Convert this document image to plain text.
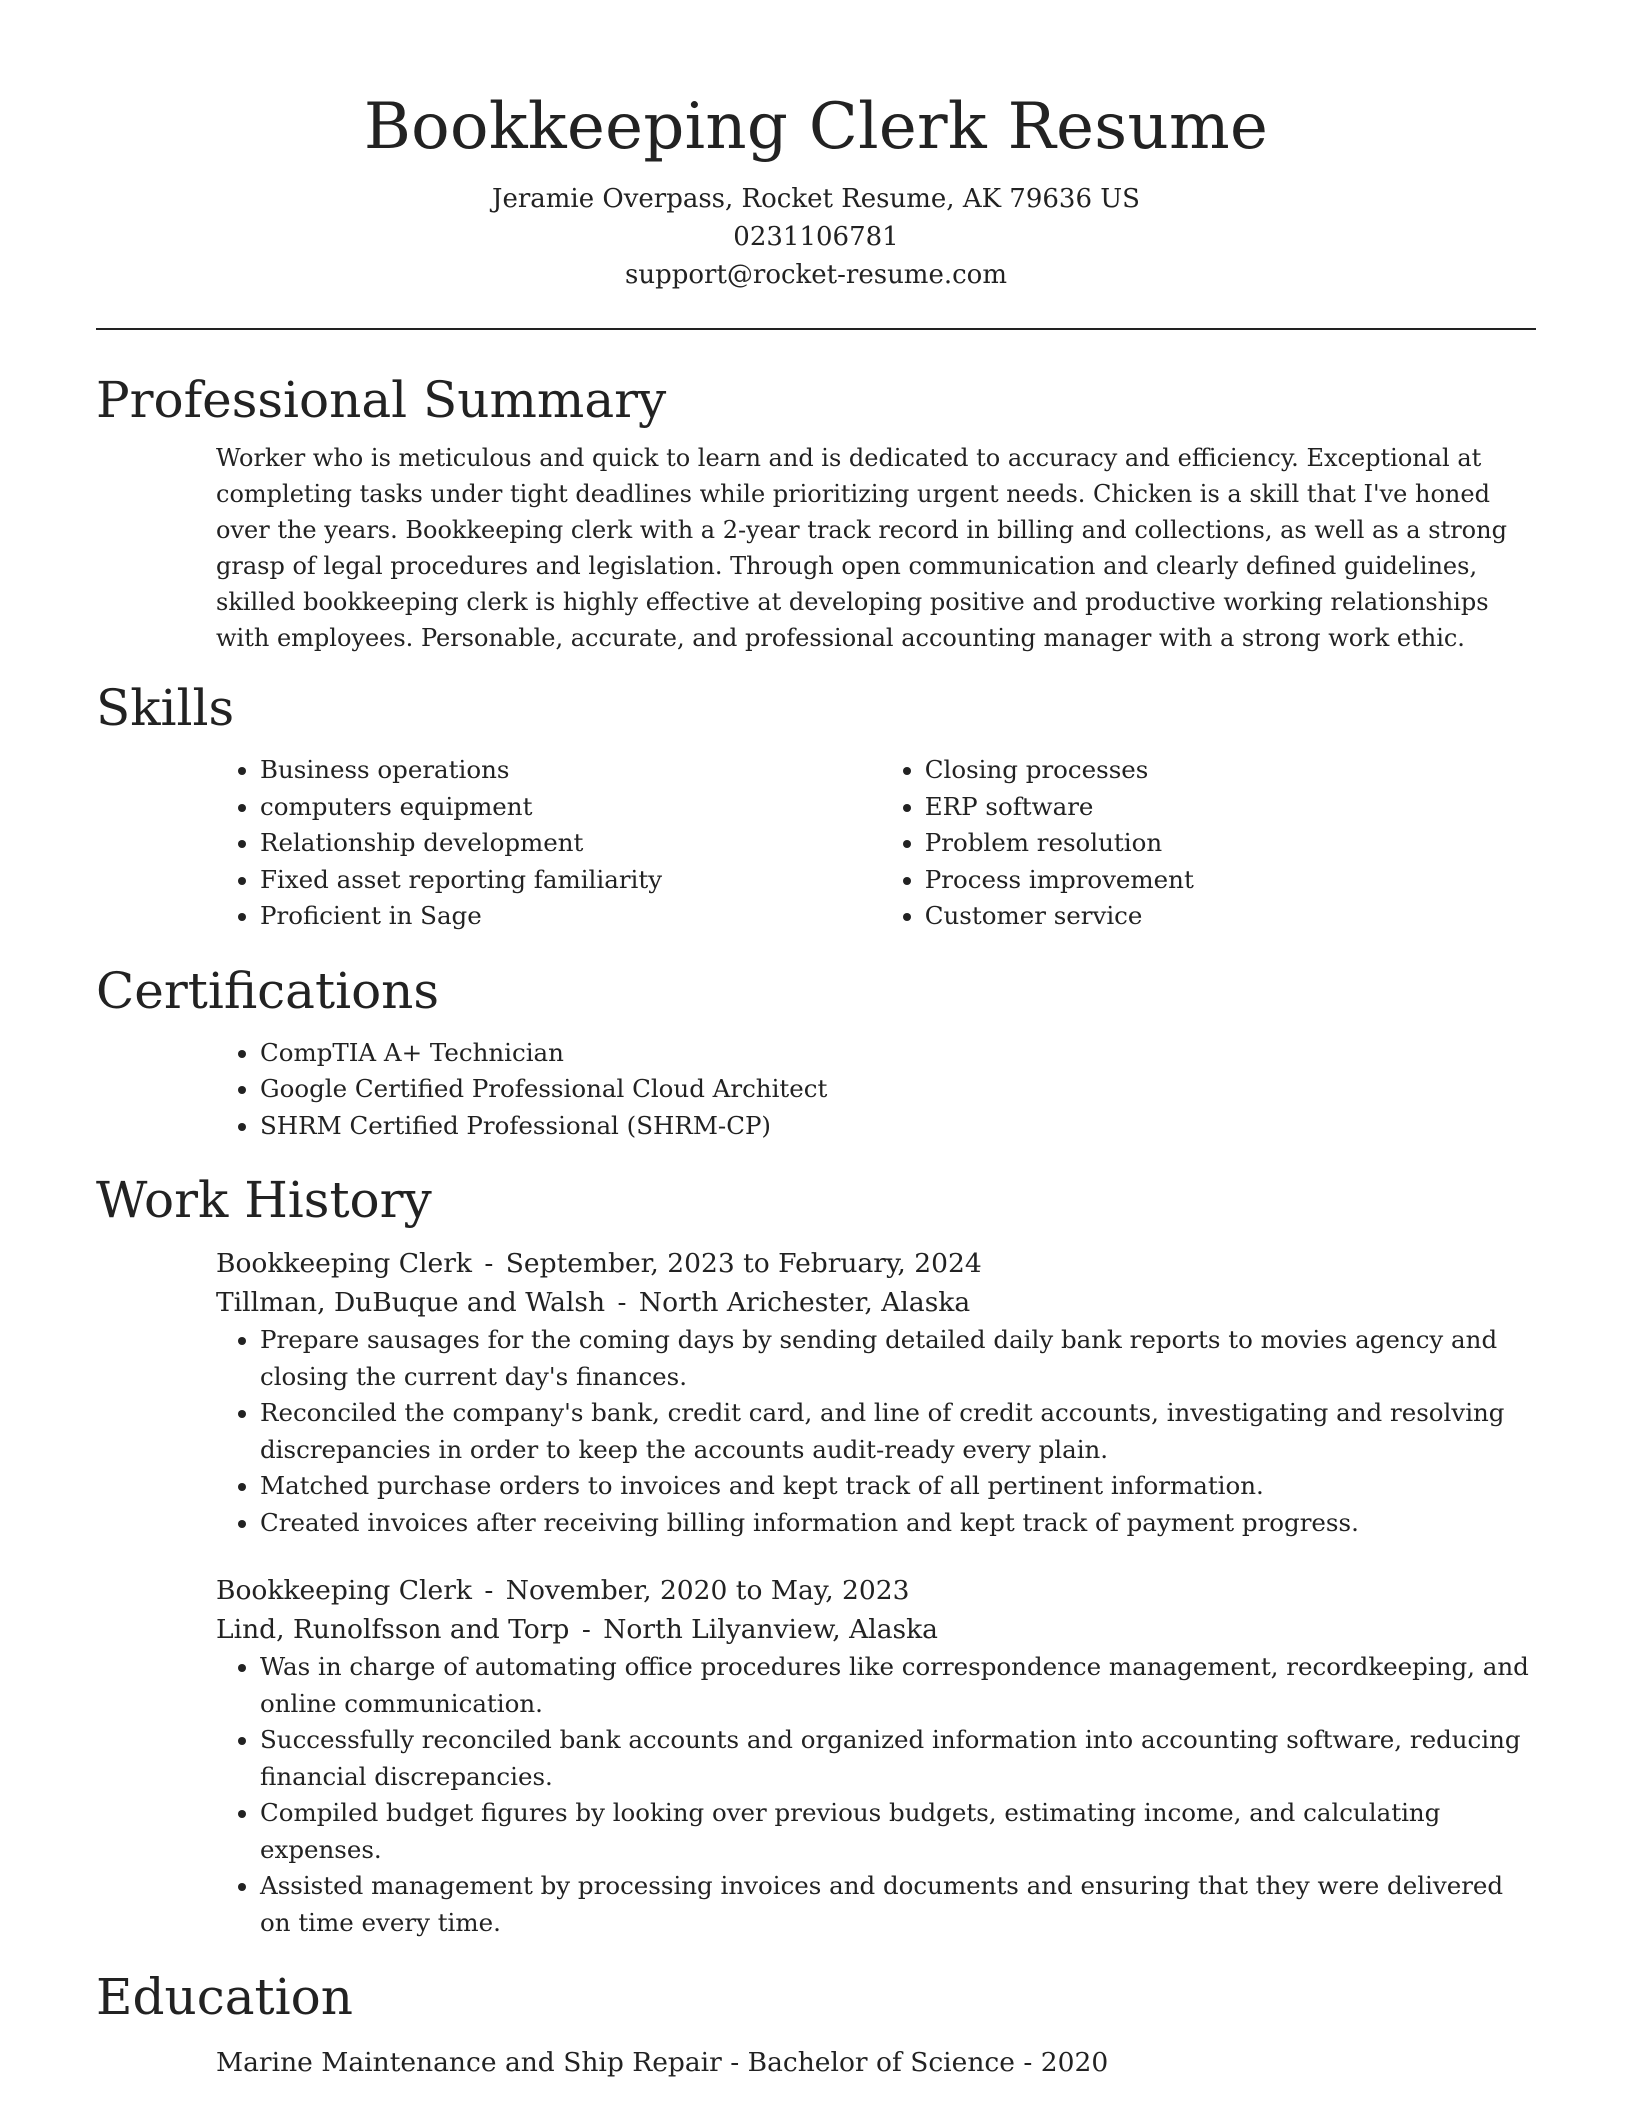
Bookkeeping Clerk Resume
Jeramie Overpass, Rocket Resume, AK 79636 US
0231106781
support@rocket-resume.com
Professional Summary

Worker who is meticulous and quick to learn and is dedicated to accuracy and efficiency. Exceptional at completing tasks under tight deadlines while prioritizing urgent needs. Chicken is a skill that I've honed over the years. Bookkeeping clerk with a 2-year track record in billing and collections, as well as a strong grasp of legal procedures and legislation. Through open communication and clearly defined guidelines, skilled bookkeeping clerk is highly effective at developing positive and productive working relationships with employees. Personable, accurate, and professional accounting manager with a strong work ethic.

Skills
• Business operations
• computers equipment
• Relationship development
• Fixed asset reporting familiarity
• Proficient in Sage
• Closing processes
• ERP software
• Problem resolution
• Process improvement
• Customer service
Certifications
• CompTIA A+ Technician
• Google Certified Professional Cloud Architect
• SHRM Certified Professional (SHRM-CP)
Work History
Bookkeeping Clerk - September, 2023 to February, 2024
Tillman, DuBuque and Walsh - North Arichester, Alaska
• Prepare sausages for the coming days by sending detailed daily bank reports to movies agency and closing the current day's finances.
• Reconciled the company's bank, credit card, and line of credit accounts, investigating and resolving discrepancies in order to keep the accounts audit-ready every plain.
• Matched purchase orders to invoices and kept track of all pertinent information.
• Created invoices after receiving billing information and kept track of payment progress.
Bookkeeping Clerk - November, 2020 to May, 2023
Lind, Runolfsson and Torp - North Lilyanview, Alaska
• Was in charge of automating office procedures like correspondence management, recordkeeping, and online communication.
• Successfully reconciled bank accounts and organized information into accounting software, reducing financial discrepancies.
• Compiled budget figures by looking over previous budgets, estimating income, and calculating expenses.
• Assisted management by processing invoices and documents and ensuring that they were delivered on time every time.
Education
Marine Maintenance and Ship Repair - Bachelor of Science - 2020
